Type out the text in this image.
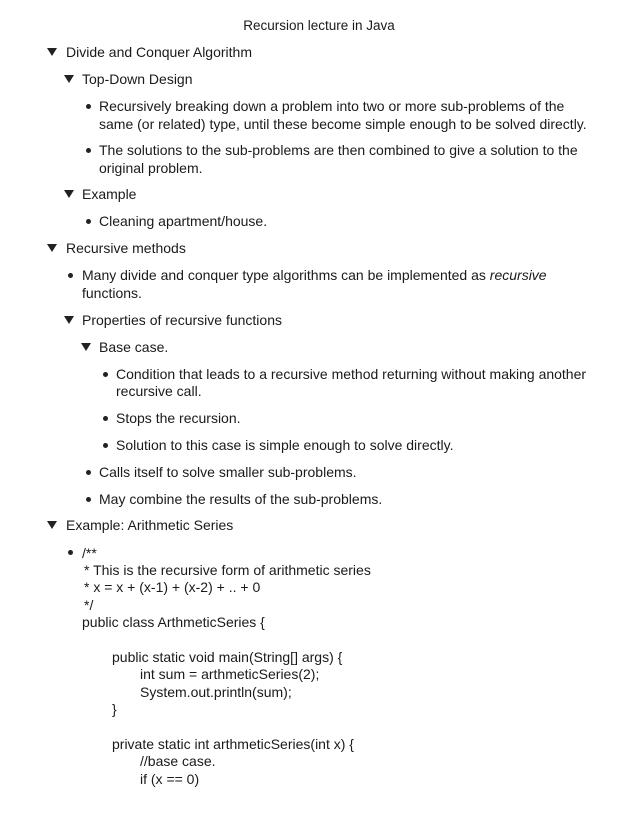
Recursion lecture in Java
Divide and Conquer Algorithm
Top-Down Design
Recursively breaking down a problem into two or more sub-problems of the
same (or related) type, until these become simple enough to be solved directly.
The solutions to the sub-problems are then combined to give a solution to the
original problem.
Example
Cleaning apartment/house.
Recursive methods
Many divide and conquer type algorithms can be implemented as recursive
functions.
Properties of recursive functions
Base case.
Condition that leads to a recursive method returning without making another
recursive call.
Stops the recursion.
Solution to this case is simple enough to solve directly.
Calls itself to solve smaller sub-problems.
May combine the results of the sub-problems.
Example: Arithmetic Series
/**
* This is the recursive form of arithmetic series
* x = x + (x-1) + (x-2) + .. + 0
*/
public class ArthmeticSeries {
public static void main(String[] args) {
int sum = arthmeticSeries(2);
System.out.println(sum);
}
private static int arthmeticSeries(int x) {
//base case.
if (x == 0)
